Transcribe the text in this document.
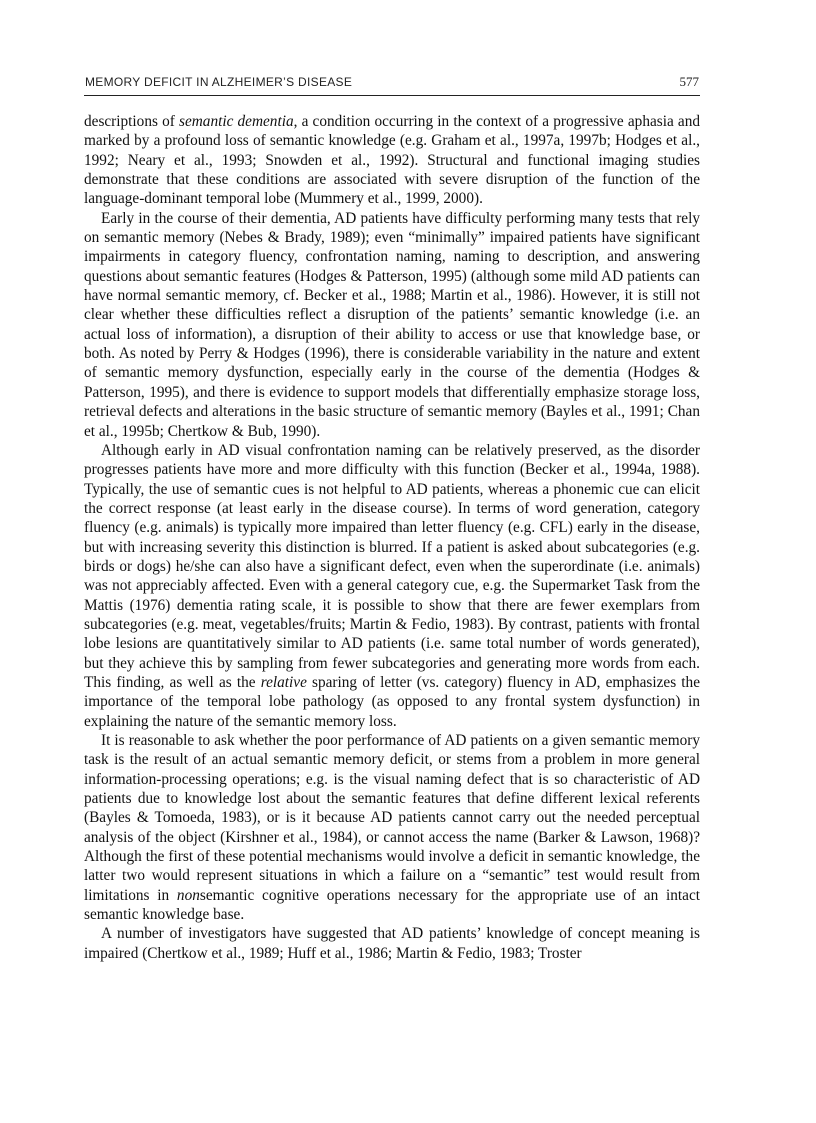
MEMORY DEFICIT IN ALZHEIMER’S DISEASE	577

descriptions of semantic dementia, a condition occurring in the context of a progressive aphasia and marked by a profound loss of semantic knowledge (e.g. Graham et al., 1997a, 1997b; Hodges et al., 1992; Neary et al., 1993; Snowden et al., 1992). Structural and functional imaging studies demonstrate that these conditions are associated with severe disruption of the function of the language-dominant temporal lobe (Mummery et al., 1999, 2000).

Early in the course of their dementia, AD patients have difficulty performing many tests that rely on semantic memory (Nebes & Brady, 1989); even “minimally” impaired patients have significant impairments in category fluency, confrontation naming, naming to description, and answering questions about semantic features (Hodges & Patterson, 1995) (although some mild AD patients can have normal semantic memory, cf. Becker et al., 1988; Martin et al., 1986). However, it is still not clear whether these difficulties reflect a disruption of the patients’ semantic knowledge (i.e. an actual loss of information), a disruption of their ability to access or use that knowledge base, or both. As noted by Perry & Hodges (1996), there is considerable variability in the nature and extent of semantic memory dysfunction, especially early in the course of the dementia (Hodges & Patterson, 1995), and there is evidence to support models that differentially emphasize storage loss, retrieval defects and alterations in the basic structure of semantic memory (Bayles et al., 1991; Chan et al., 1995b; Chertkow & Bub, 1990).

Although early in AD visual confrontation naming can be relatively preserved, as the disorder progresses patients have more and more difficulty with this function (Becker et al., 1994a, 1988). Typically, the use of semantic cues is not helpful to AD patients, whereas a phonemic cue can elicit the correct response (at least early in the disease course). In terms of word generation, category fluency (e.g. animals) is typically more impaired than letter fluency (e.g. CFL) early in the disease, but with increasing severity this distinction is blurred. If a patient is asked about subcategories (e.g. birds or dogs) he/she can also have a significant defect, even when the superordinate (i.e. animals) was not appreciably affected. Even with a general category cue, e.g. the Supermarket Task from the Mattis (1976) dementia rating scale, it is possible to show that there are fewer exemplars from subcategories (e.g. meat, vegetables/fruits; Martin & Fedio, 1983). By contrast, patients with frontal lobe lesions are quantitatively similar to AD patients (i.e. same total number of words generated), but they achieve this by sampling from fewer subcategories and generating more words from each. This finding, as well as the relative sparing of letter (vs. category) fluency in AD, emphasizes the importance of the temporal lobe pathology (as opposed to any frontal system dysfunction) in explaining the nature of the semantic memory loss.

It is reasonable to ask whether the poor performance of AD patients on a given semantic memory task is the result of an actual semantic memory deficit, or stems from a problem in more general information-processing operations; e.g. is the visual naming defect that is so characteristic of AD patients due to knowledge lost about the semantic features that define different lexical referents (Bayles & Tomoeda, 1983), or is it because AD patients cannot carry out the needed perceptual analysis of the object (Kirshner et al., 1984), or cannot access the name (Barker & Lawson, 1968)? Although the first of these potential mechanisms would involve a deficit in semantic knowledge, the latter two would represent situations in which a failure on a “semantic” test would result from limitations in nonsemantic cognitive operations necessary for the appropriate use of an intact semantic knowledge base.

A number of investigators have suggested that AD patients’ knowledge of concept meaning is impaired (Chertkow et al., 1989; Huff et al., 1986; Martin & Fedio, 1983; Troster
